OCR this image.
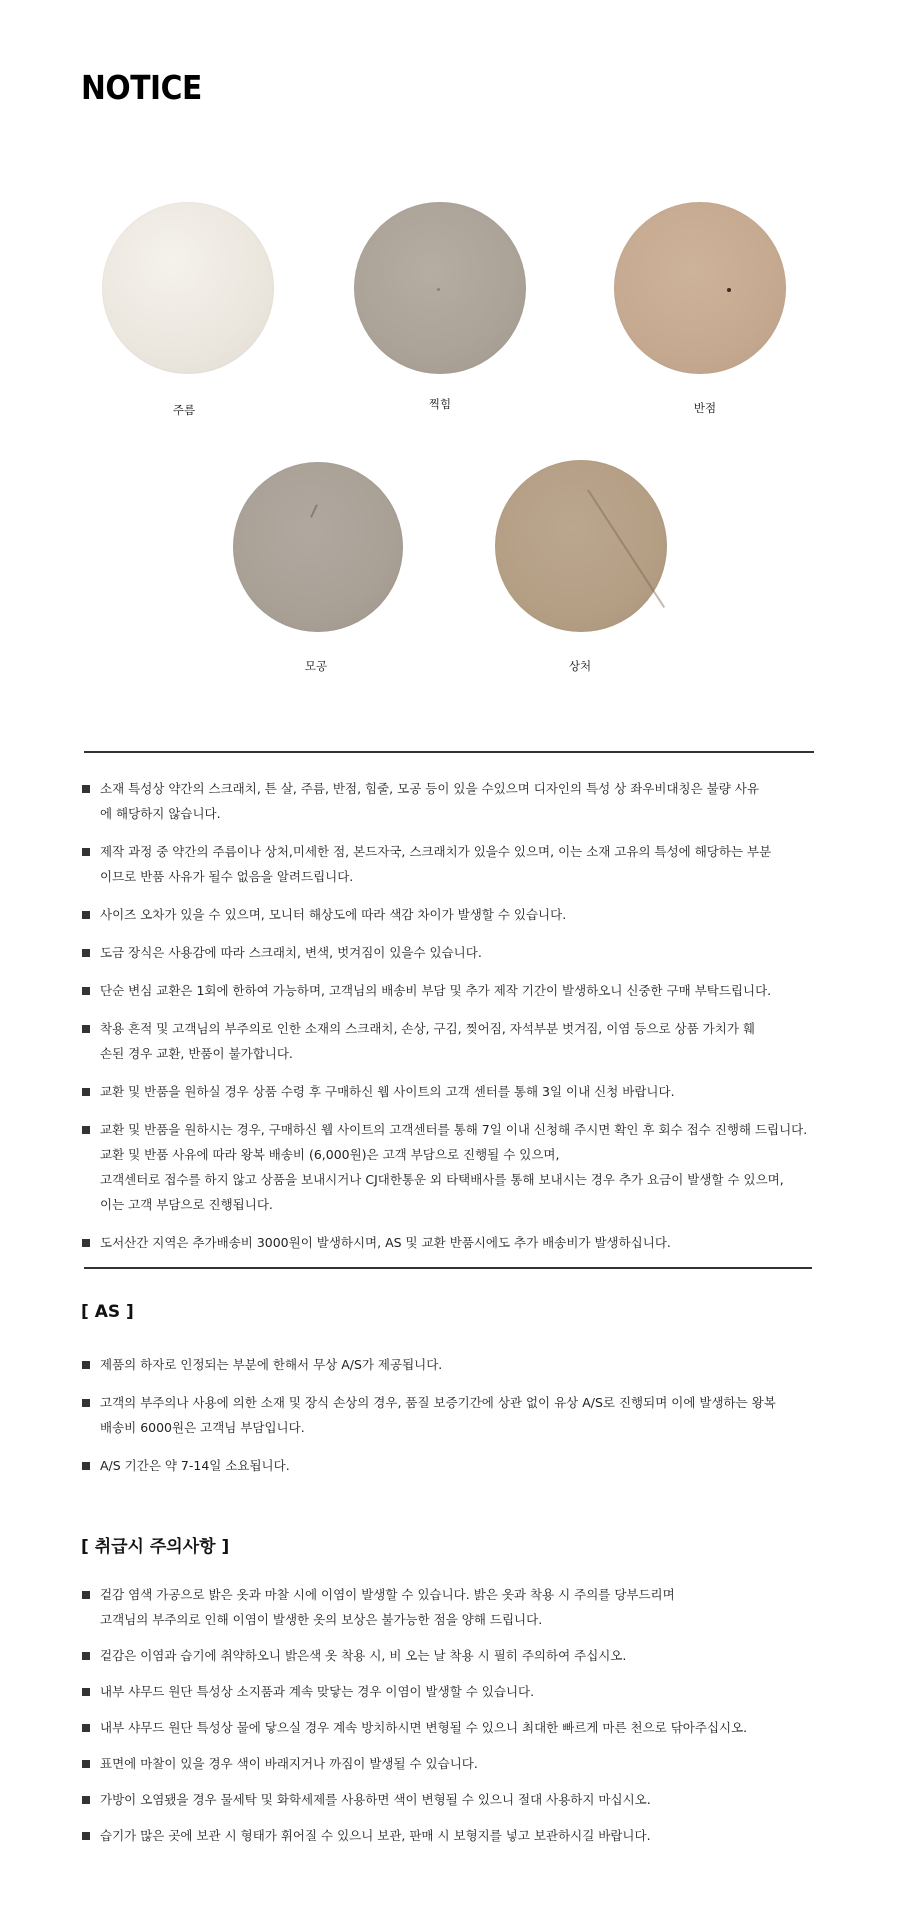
NOTICE
주름	찍힘	반점
모공	상처
소재 특성상 약간의 스크래치, 튼 살, 주름, 반점, 힘줄, 모공 등이 있을 수있으며 디자인의 특성 상 좌우비대칭은 불량 사유
에 해당하지 않습니다.
제작 과정 중 약간의 주름이나 상처,미세한 점, 본드자국, 스크래치가 있을수 있으며, 이는 소재 고유의 특성에 해당하는 부분
이므로 반품 사유가 될수 없음을 알려드립니다.
사이즈 오차가 있을 수 있으며, 모니터 해상도에 따라 색감 차이가 발생할 수 있습니다.
도금 장식은 사용감에 따라 스크래치, 변색, 벗겨짐이 있을수 있습니다.
단순 변심 교환은 1회에 한하여 가능하며, 고객님의 배송비 부담 및 추가 제작 기간이 발생하오니 신중한 구매 부탁드립니다.
착용 흔적 및 고객님의 부주의로 인한 소재의 스크래치, 손상, 구김, 찢어짐, 자석부분 벗겨짐, 이염 등으로 상품 가치가 훼
손된 경우 교환, 반품이 불가합니다.
교환 및 반품을 원하실 경우 상품 수령 후 구매하신 웹 사이트의 고객 센터를 통해 3일 이내 신청 바랍니다.
교환 및 반품을 원하시는 경우, 구매하신 웹 사이트의 고객센터를 통해 7일 이내 신청해 주시면 확인 후 회수 접수 진행해 드립니다.
교환 및 반품 사유에 따라 왕복 배송비 (6,000원)은 고객 부담으로 진행될 수 있으며,
고객센터로 접수를 하지 않고 상품을 보내시거나 CJ대한통운 외 타택배사를 통해 보내시는 경우 추가 요금이 발생할 수 있으며,
이는 고객 부담으로 진행됩니다.
도서산간 지역은 추가배송비 3000원이 발생하시며, AS 및 교환 반품시에도 추가 배송비가 발생하십니다.
[ AS ]
제품의 하자로 인정되는 부분에 한해서 무상 A/S가 제공됩니다.
고객의 부주의나 사용에 의한 소재 및 장식 손상의 경우, 품질 보증기간에 상관 없이 유상 A/S로 진행되며 이에 발생하는 왕복
배송비 6000원은 고객님 부담입니다.
A/S 기간은 약 7-14일 소요됩니다.
[ 취급시 주의사항 ]
겉감 염색 가공으로 밝은 옷과 마찰 시에 이염이 발생할 수 있습니다. 밝은 옷과 착용 시 주의를 당부드리며
고객님의 부주의로 인해 이염이 발생한 옷의 보상은 불가능한 점을 양해 드립니다.
겉감은 이염과 습기에 취약하오니 밝은색 옷 착용 시, 비 오는 날 착용 시 필히 주의하여 주십시오.
내부 샤무드 원단 특성상 소지품과 계속 맞닿는 경우 이염이 발생할 수 있습니다.
내부 샤무드 원단 특성상 물에 닿으실 경우 계속 방치하시면 변형될 수 있으니 최대한 빠르게 마른 천으로 닦아주십시오.
표면에 마찰이 있을 경우 색이 바래지거나 까짐이 발생될 수 있습니다.
가방이 오염됐을 경우 물세탁 및 화학세제를 사용하면 색이 변형될 수 있으니 절대 사용하지 마십시오.
습기가 많은 곳에 보관 시 형태가 휘어질 수 있으니 보관, 판매 시 보형지를 넣고 보관하시길 바랍니다.
